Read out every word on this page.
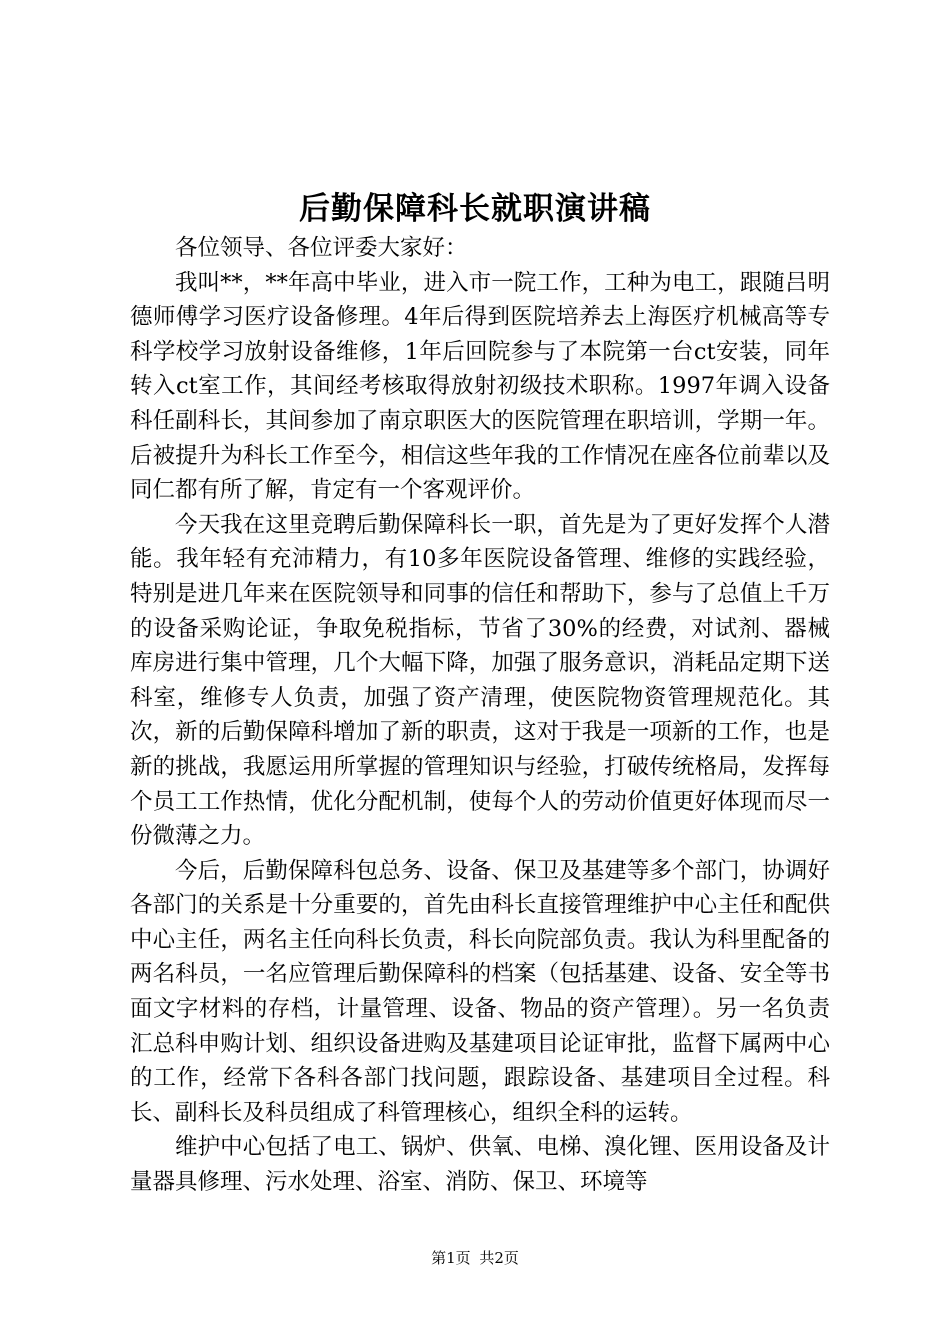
后勤保障科长就职演讲稿

各位领导、各位评委大家好：

我叫**，**年高中毕业，进入市一院工作，工种为电工，跟随吕明德师傅学习医疗设备修理。4年后得到医院培养去上海医疗机械高等专科学校学习放射设备维修，1年后回院参与了本院第一台ct安装，同年转入ct室工作，其间经考核取得放射初级技术职称。1997年调入设备科任副科长，其间参加了南京职医大的医院管理在职培训，学期一年。后被提升为科长工作至今，相信这些年我的工作情况在座各位前辈以及同仁都有所了解，肯定有一个客观评价。

今天我在这里竞聘后勤保障科长一职，首先是为了更好发挥个人潜能。我年轻有充沛精力，有10多年医院设备管理、维修的实践经验，特别是进几年来在医院领导和同事的信任和帮助下，参与了总值上千万的设备采购论证，争取免税指标，节省了30%的经费，对试剂、器械库房进行集中管理，几个大幅下降，加强了服务意识，消耗品定期下送科室，维修专人负责，加强了资产清理，使医院物资管理规范化。其次，新的后勤保障科增加了新的职责，这对于我是一项新的工作，也是新的挑战，我愿运用所掌握的管理知识与经验，打破传统格局，发挥每个员工工作热情，优化分配机制，使每个人的劳动价值更好体现而尽一份微薄之力。

今后，后勤保障科包总务、设备、保卫及基建等多个部门，协调好各部门的关系是十分重要的，首先由科长直接管理维护中心主任和配供中心主任，两名主任向科长负责，科长向院部负责。我认为科里配备的两名科员，一名应管理后勤保障科的档案（包括基建、设备、安全等书面文字材料的存档，计量管理、设备、物品的资产管理）。另一名负责汇总科申购计划、组织设备进购及基建项目论证审批，监督下属两中心的工作，经常下各科各部门找问题，跟踪设备、基建项目全过程。科长、副科长及科员组成了科管理核心，组织全科的运转。

维护中心包括了电工、锅炉、供氧、电梯、溴化锂、医用设备及计量器具修理、污水处理、浴室、消防、保卫、环境等

第1页 共2页
